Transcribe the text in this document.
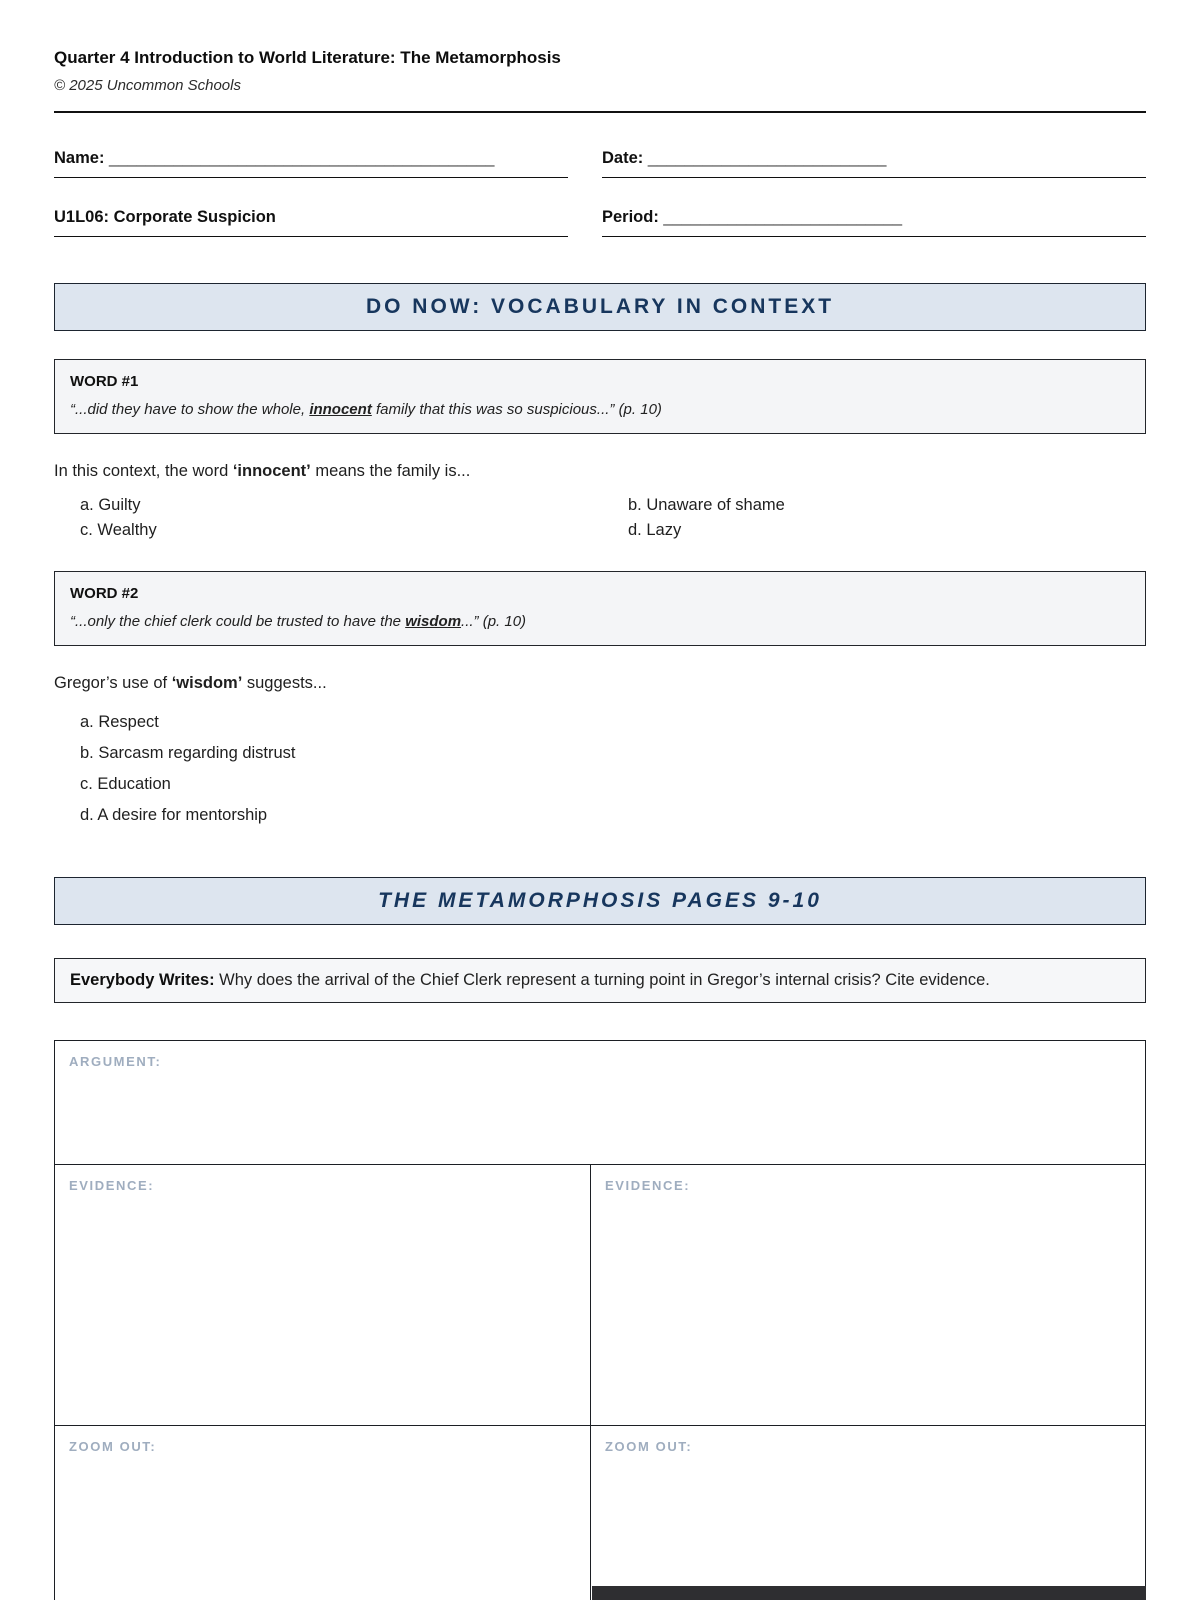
Quarter 4 Introduction to World Literature: The Metamorphosis
© 2025 Uncommon Schools
Name: __________________________________________	Date: __________________________
U1L06: Corporate Suspicion	Period: __________________________
DO NOW: VOCABULARY IN CONTEXT
WORD #1
“...did they have to show the whole, innocent family that this was so suspicious...” (p. 10)
In this context, the word ‘innocent’ means the family is...
a. Guilty	b. Unaware of shame
c. Wealthy	d. Lazy
WORD #2
“...only the chief clerk could be trusted to have the wisdom...” (p. 10)
Gregor’s use of ‘wisdom’ suggests...
a. Respect
b. Sarcasm regarding distrust
c. Education
d. A desire for mentorship
THE METAMORPHOSIS PAGES 9-10
Everybody Writes: Why does the arrival of the Chief Clerk represent a turning point in Gregor’s internal crisis? Cite evidence.
ARGUMENT:
EVIDENCE:	EVIDENCE:
ZOOM OUT:	ZOOM OUT:
